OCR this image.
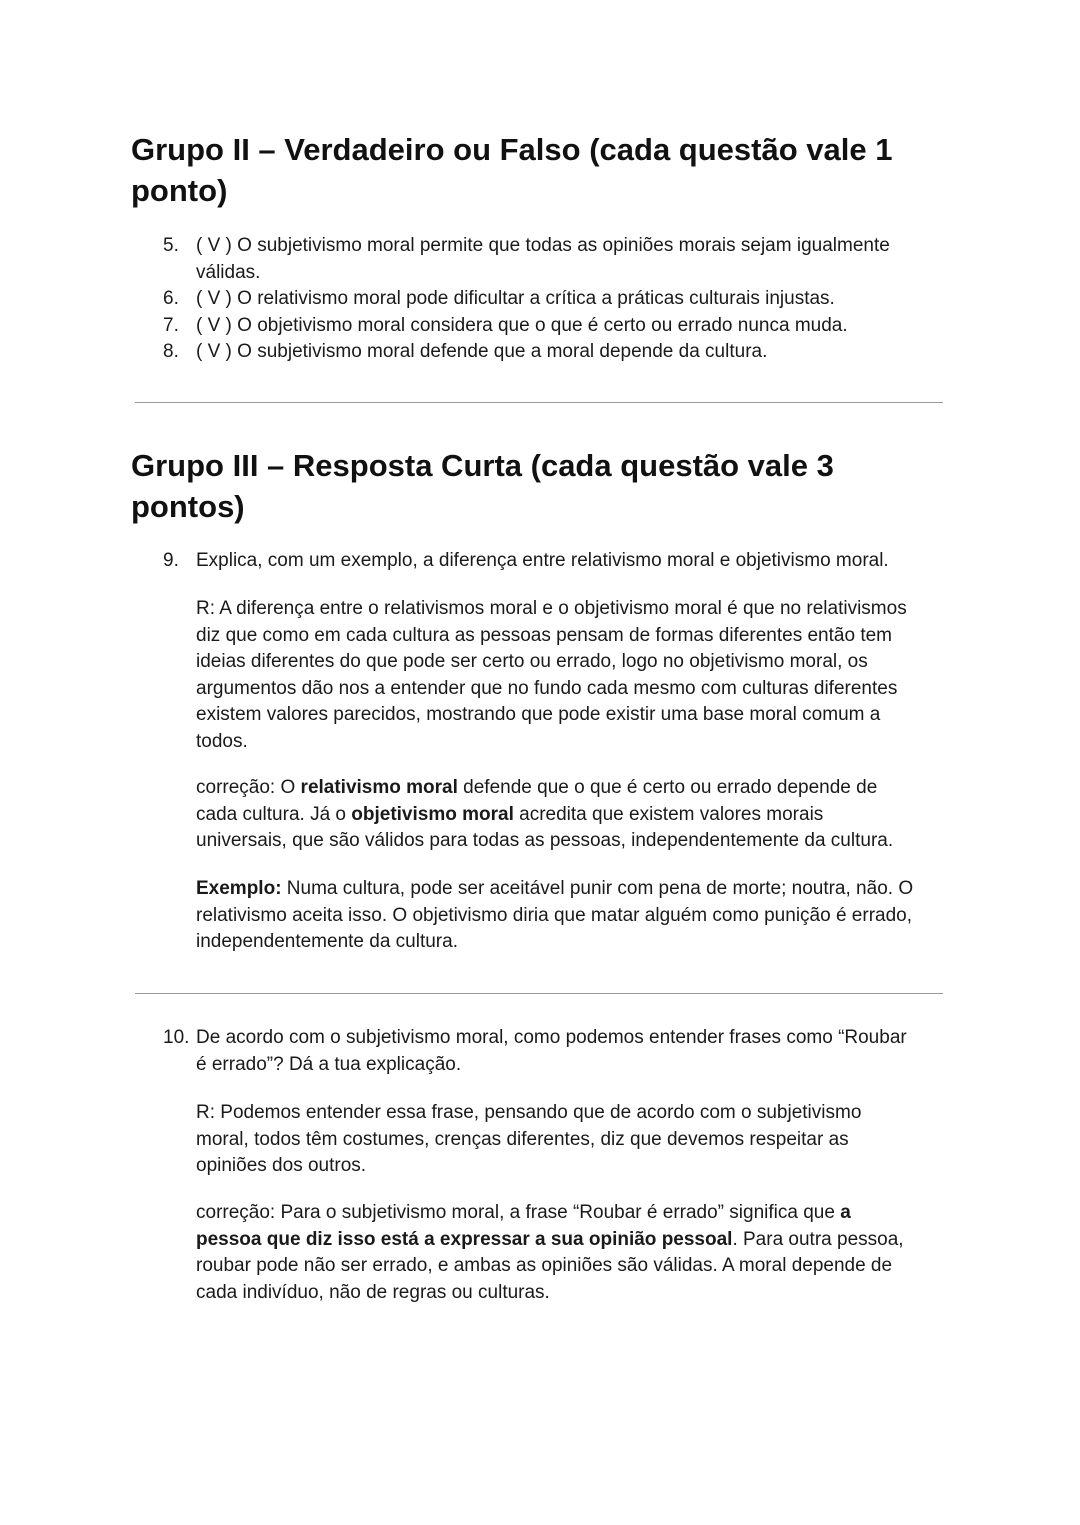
Grupo II – Verdadeiro ou Falso (cada questão vale 1
ponto)
5. ( V ) O subjetivismo moral permite que todas as opiniões morais sejam igualmente
válidas.
6. ( V ) O relativismo moral pode dificultar a crítica a práticas culturais injustas.
7. ( V ) O objetivismo moral considera que o que é certo ou errado nunca muda.
8. ( V ) O subjetivismo moral defende que a moral depende da cultura.
Grupo III – Resposta Curta (cada questão vale 3
pontos)
9. Explica, com um exemplo, a diferença entre relativismo moral e objetivismo moral.

R: A diferença entre o relativismos moral e o objetivismo moral é que no relativismos
diz que como em cada cultura as pessoas pensam de formas diferentes então tem
ideias diferentes do que pode ser certo ou errado, logo no objetivismo moral, os
argumentos dão nos a entender que no fundo cada mesmo com culturas diferentes
existem valores parecidos, mostrando que pode existir uma base moral comum a
todos.

correção: O relativismo moral defende que o que é certo ou errado depende de
cada cultura. Já o objetivismo moral acredita que existem valores morais
universais, que são válidos para todas as pessoas, independentemente da cultura.

Exemplo: Numa cultura, pode ser aceitável punir com pena de morte; noutra, não. O
relativismo aceita isso. O objetivismo diria que matar alguém como punição é errado,
independentemente da cultura.

10. De acordo com o subjetivismo moral, como podemos entender frases como “Roubar
é errado”? Dá a tua explicação.

R: Podemos entender essa frase, pensando que de acordo com o subjetivismo
moral, todos têm costumes, crenças diferentes, diz que devemos respeitar as
opiniões dos outros.

correção: Para o subjetivismo moral, a frase “Roubar é errado” significa que a
pessoa que diz isso está a expressar a sua opinião pessoal. Para outra pessoa,
roubar pode não ser errado, e ambas as opiniões são válidas. A moral depende de
cada indivíduo, não de regras ou culturas.
